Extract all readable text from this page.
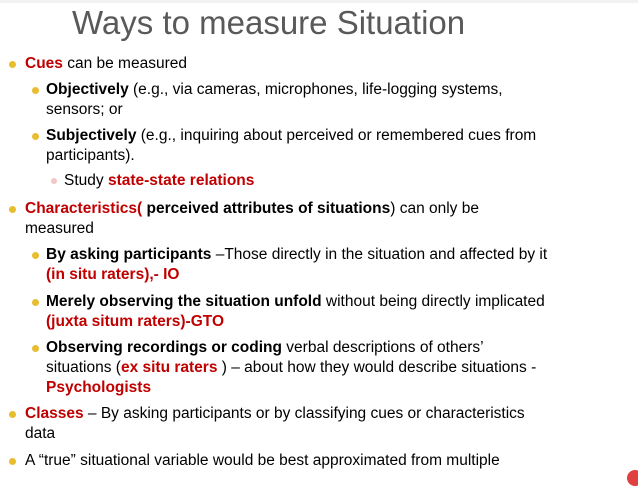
Ways to measure Situation
Cues can be measured
Objectively (e.g., via cameras, microphones, life-logging systems,
sensors; or
Subjectively (e.g., inquiring about perceived or remembered cues from
participants).
Study state-state relations
Characteristics( perceived attributes of situations) can only be
measured
By asking participants –Those directly in the situation and affected by it
(in situ raters),- IO
Merely observing the situation unfold without being directly implicated
(juxta situm raters)-GTO
Observing recordings or coding verbal descriptions of others’
situations (ex situ raters ) – about how they would describe situations -
Psychologists
Classes – By asking participants or by classifying cues or characteristics
data
A “true” situational variable would be best approximated from multiple
